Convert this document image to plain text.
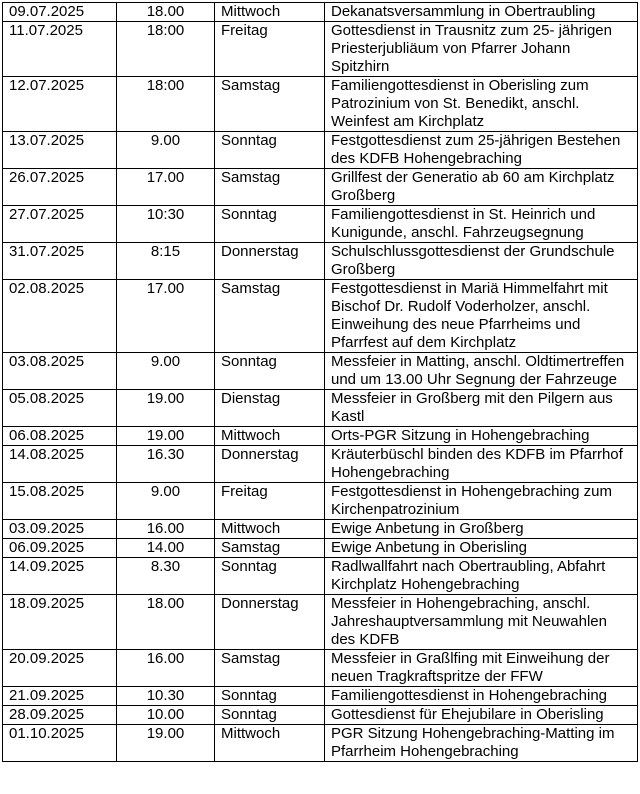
09.07.2025	18.00	Mittwoch	Dekanatsversammlung in Obertraubling
11.07.2025	18:00	Freitag	Gottesdienst in Trausnitz zum 25- jährigen Priesterjubliäum von Pfarrer Johann Spitzhirn
12.07.2025	18:00	Samstag	Familiengottesdienst in Oberisling zum Patrozinium von St. Benedikt, anschl. Weinfest am Kirchplatz
13.07.2025	9.00	Sonntag	Festgottesdienst zum 25-jährigen Bestehen des KDFB Hohengebraching
26.07.2025	17.00	Samstag	Grillfest der Generatio ab 60 am Kirchplatz Großberg
27.07.2025	10:30	Sonntag	Familiengottesdienst in St. Heinrich und Kunigunde, anschl. Fahrzeugsegnung
31.07.2025	8:15	Donnerstag	Schulschlussgottesdienst der Grundschule Großberg
02.08.2025	17.00	Samstag	Festgottesdienst in Mariä Himmelfahrt mit Bischof Dr. Rudolf Voderholzer, anschl. Einweihung des neue Pfarrheims und Pfarrfest auf dem Kirchplatz
03.08.2025	9.00	Sonntag	Messfeier in Matting, anschl. Oldtimertreffen und um 13.00 Uhr Segnung der Fahrzeuge
05.08.2025	19.00	Dienstag	Messfeier in Großberg mit den Pilgern aus Kastl
06.08.2025	19.00	Mittwoch	Orts-PGR Sitzung in Hohengebraching
14.08.2025	16.30	Donnerstag	Kräuterbüschl binden des KDFB im Pfarrhof Hohengebraching
15.08.2025	9.00	Freitag	Festgottesdienst in Hohengebraching zum Kirchenpatrozinium
03.09.2025	16.00	Mittwoch	Ewige Anbetung in Großberg
06.09.2025	14.00	Samstag	Ewige Anbetung in Oberisling
14.09.2025	8.30	Sonntag	Radlwallfahrt nach Obertraubling, Abfahrt Kirchplatz Hohengebraching
18.09.2025	18.00	Donnerstag	Messfeier in Hohengebraching, anschl. Jahreshauptversammlung mit Neuwahlen des KDFB
20.09.2025	16.00	Samstag	Messfeier in Graßlfing mit Einweihung der neuen Tragkraftspritze der FFW
21.09.2025	10.30	Sonntag	Familiengottesdienst in Hohengebraching
28.09.2025	10.00	Sonntag	Gottesdienst für Ehejubilare in Oberisling
01.10.2025	19.00	Mittwoch	PGR Sitzung Hohengebraching-Matting im Pfarrheim Hohengebraching
